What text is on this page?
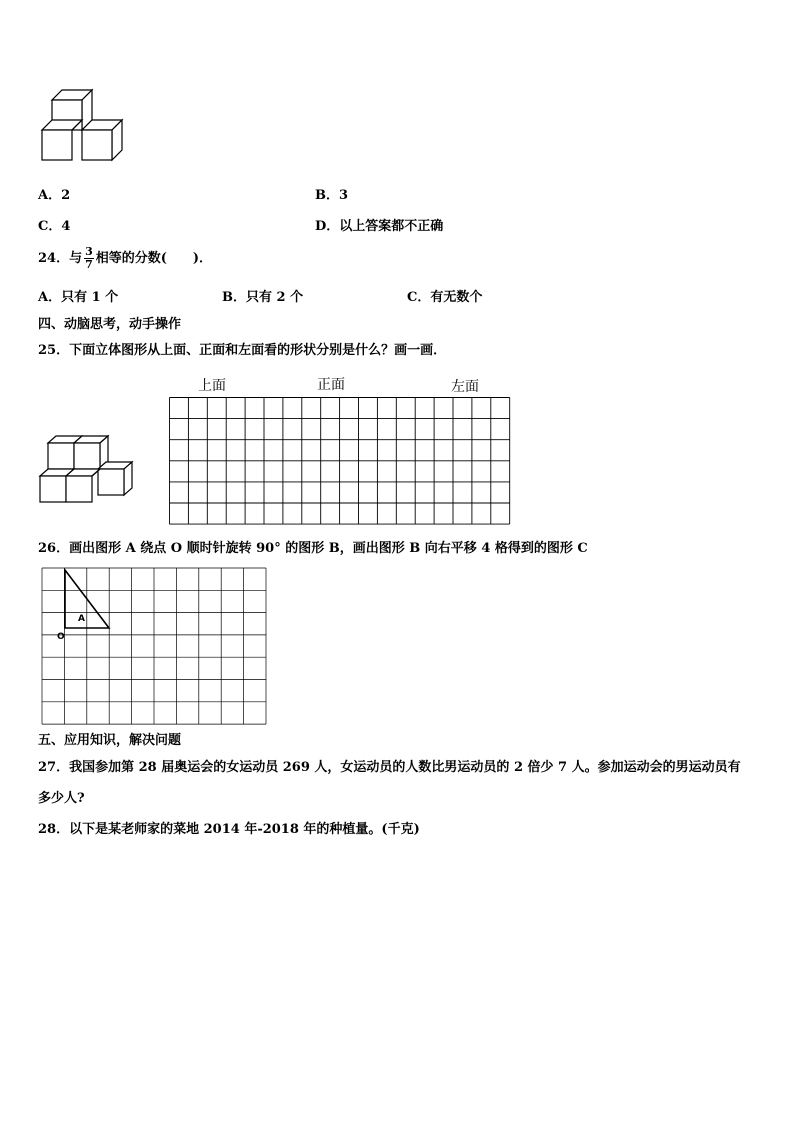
A．2	B．3
C．4	D．以上答案都不正确
24．与 $\frac{3}{7}$ 相等的分数(　　)．
A．只有 1 个	B．只有 2 个	C．有无数个
四、动脑思考，动手操作
25．下面立体图形从上面、正面和左面看的形状分别是什么？画一画．
上面	正面	左面
26．画出图形 A 绕点 O 顺时针旋转 90° 的图形 B，画出图形 B 向右平移 4 格得到的图形 C
A
O
五、应用知识，解决问题
27．我国参加第 28 届奥运会的女运动员 269 人，女运动员的人数比男运动员的 2 倍少 7 人。参加运动会的男运动员有
多少人?
28．以下是某老师家的菜地 2014 年-2018 年的种植量。(千克)
